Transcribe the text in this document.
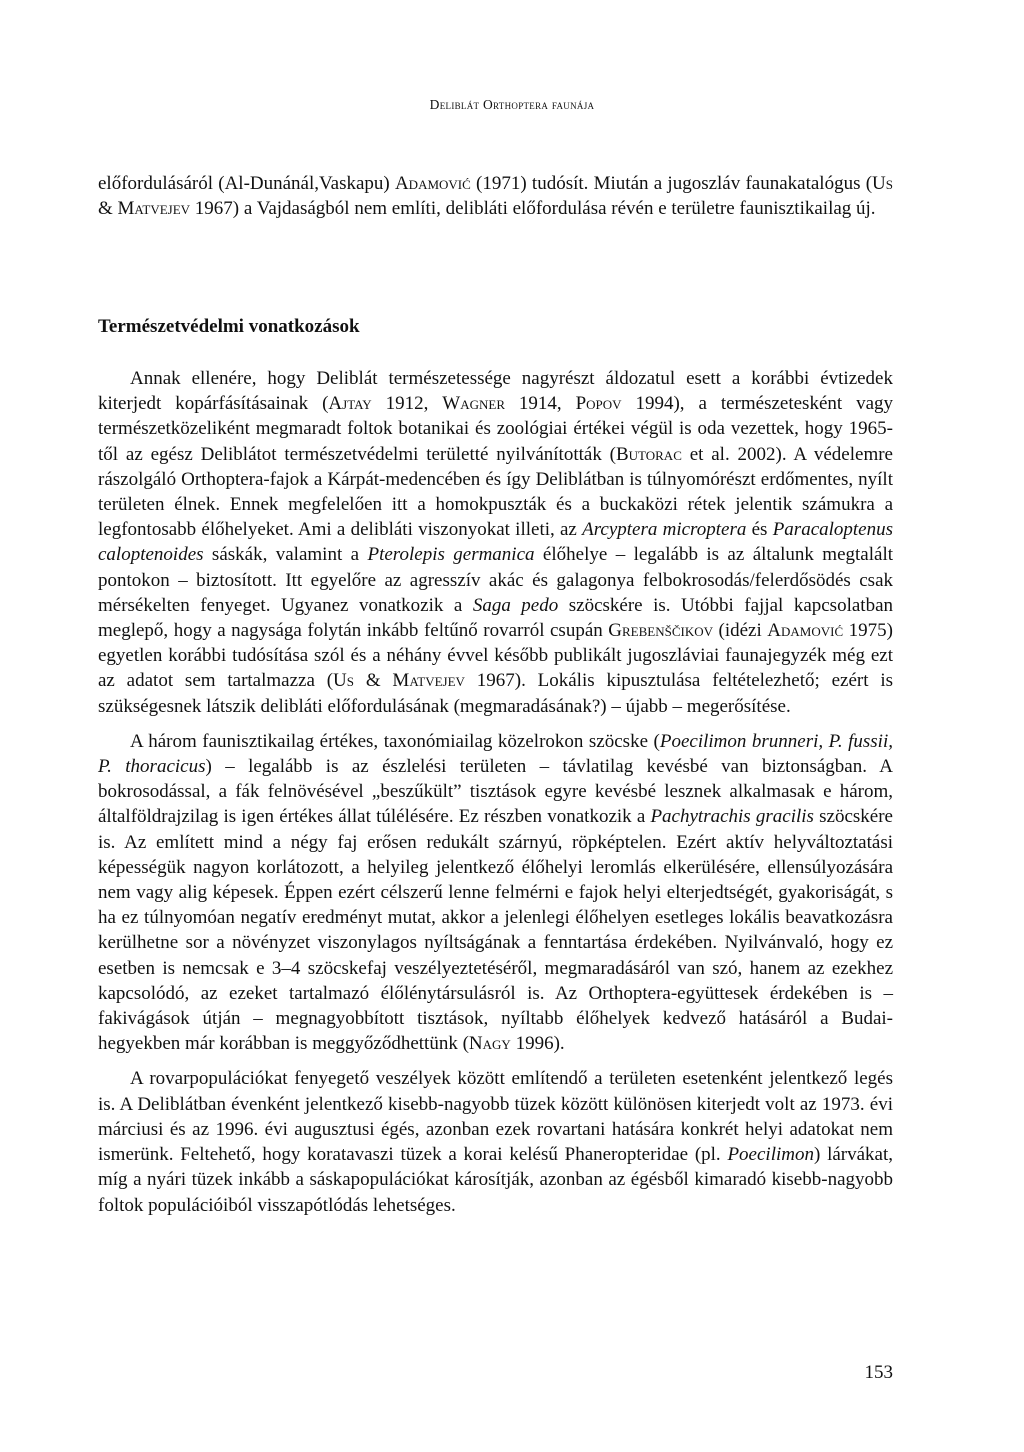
Deliblát Orthoptera faunája

előfordulásáról (Al-Dunánál,Vaskapu) Adamović (1971) tudósít. Miután a jugoszláv faunakatalógus (Us & Matvejev 1967) a Vajdaságból nem említi, delibláti előfordulása révén e területre faunisztikailag új.

Természetvédelmi vonatkozások

Annak ellenére, hogy Deliblát természetessége nagyrészt áldozatul esett a korábbi évtizedek kiterjedt kopárfásításainak (Ajtay 1912, Wagner 1914, Popov 1994), a természetesként vagy természetközeliként megmaradt foltok botanikai és zoológiai értékei végül is oda vezettek, hogy 1965-től az egész Deliblátot természetvédelmi területté nyilvánították (Butorac et al. 2002). A védelemre rászolgáló Orthoptera-fajok a Kárpát-medencében és így Deliblátban is túlnyomórészt erdőmentes, nyílt területen élnek. Ennek megfelelően itt a homokpuszták és a buckaközi rétek jelentik számukra a legfontosabb élőhelyeket. Ami a delibláti viszonyokat illeti, az Arcyptera microptera és Paracaloptenus caloptenoides sáskák, valamint a Pterolepis germanica élőhelye – legalább is az általunk megtalált pontokon – biztosított. Itt egyelőre az agresszív akác és galagonya felbokrosodás/felerdősödés csak mérsékelten fenyeget. Ugyanez vonatkozik a Saga pedo szöcskére is. Utóbbi fajjal kapcsolatban meglepő, hogy a nagysága folytán inkább feltűnő rovarról csupán Grebenščikov (idézi Adamović 1975) egyetlen korábbi tudósítása szól és a néhány évvel később publikált jugoszláviai faunajegyzék még ezt az adatot sem tartalmazza (Us & Matvejev 1967). Lokális kipusztulása feltételezhető; ezért is szükségesnek látszik delibláti előfordulásának (megmaradásának?) – újabb – megerősítése.

A három faunisztikailag értékes, taxonómiailag közelrokon szöcske (Poecilimon brunneri, P. fussii, P. thoracicus) – legalább is az észlelési területen – távlatilag kevésbé van biztonságban. A bokrosodással, a fák felnövésével „beszűkült” tisztások egyre kevésbé lesznek alkalmasak e három, általföldrajzilag is igen értékes állat túlélésére. Ez részben vonatkozik a Pachytrachis gracilis szöcskére is. Az említett mind a négy faj erősen redukált szárnyú, röpképtelen. Ezért aktív helyváltoztatási képességük nagyon korlátozott, a helyileg jelentkező élőhelyi leromlás elkerülésére, ellensúlyozására nem vagy alig képesek. Éppen ezért célszerű lenne felmérni e fajok helyi elterjedtségét, gyakoriságát, s ha ez túlnyomóan negatív eredményt mutat, akkor a jelenlegi élőhelyen esetleges lokális beavatkozásra kerülhetne sor a növényzet viszonylagos nyíltságának a fenntartása érdekében. Nyilvánvaló, hogy ez esetben is nemcsak e 3–4 szöcskefaj veszélyeztetéséről, megmaradásáról van szó, hanem az ezekhez kapcsolódó, az ezeket tartalmazó élőlénytársulásról is. Az Orthoptera-együttesek érdekében is – fakivágások útján – megnagyobbított tisztások, nyíltabb élőhelyek kedvező hatásáról a Budai-hegyekben már korábban is meggyőződhettünk (Nagy 1996).

A rovarpopulációkat fenyegető veszélyek között említendő a területen esetenként jelentkező legés is. A Deliblátban évenként jelentkező kisebb-nagyobb tüzek között különösen kiterjedt volt az 1973. évi márciusi és az 1996. évi augusztusi égés, azonban ezek rovartani hatására konkrét helyi adatokat nem ismerünk. Feltehető, hogy koratavaszi tüzek a korai kelésű Phaneropteridae (pl. Poecilimon) lárvákat, míg a nyári tüzek inkább a sáskapopulációkat károsítják, azonban az égésből kimaradó kisebb-nagyobb foltok populációiból visszapótlódás lehetséges.

153
